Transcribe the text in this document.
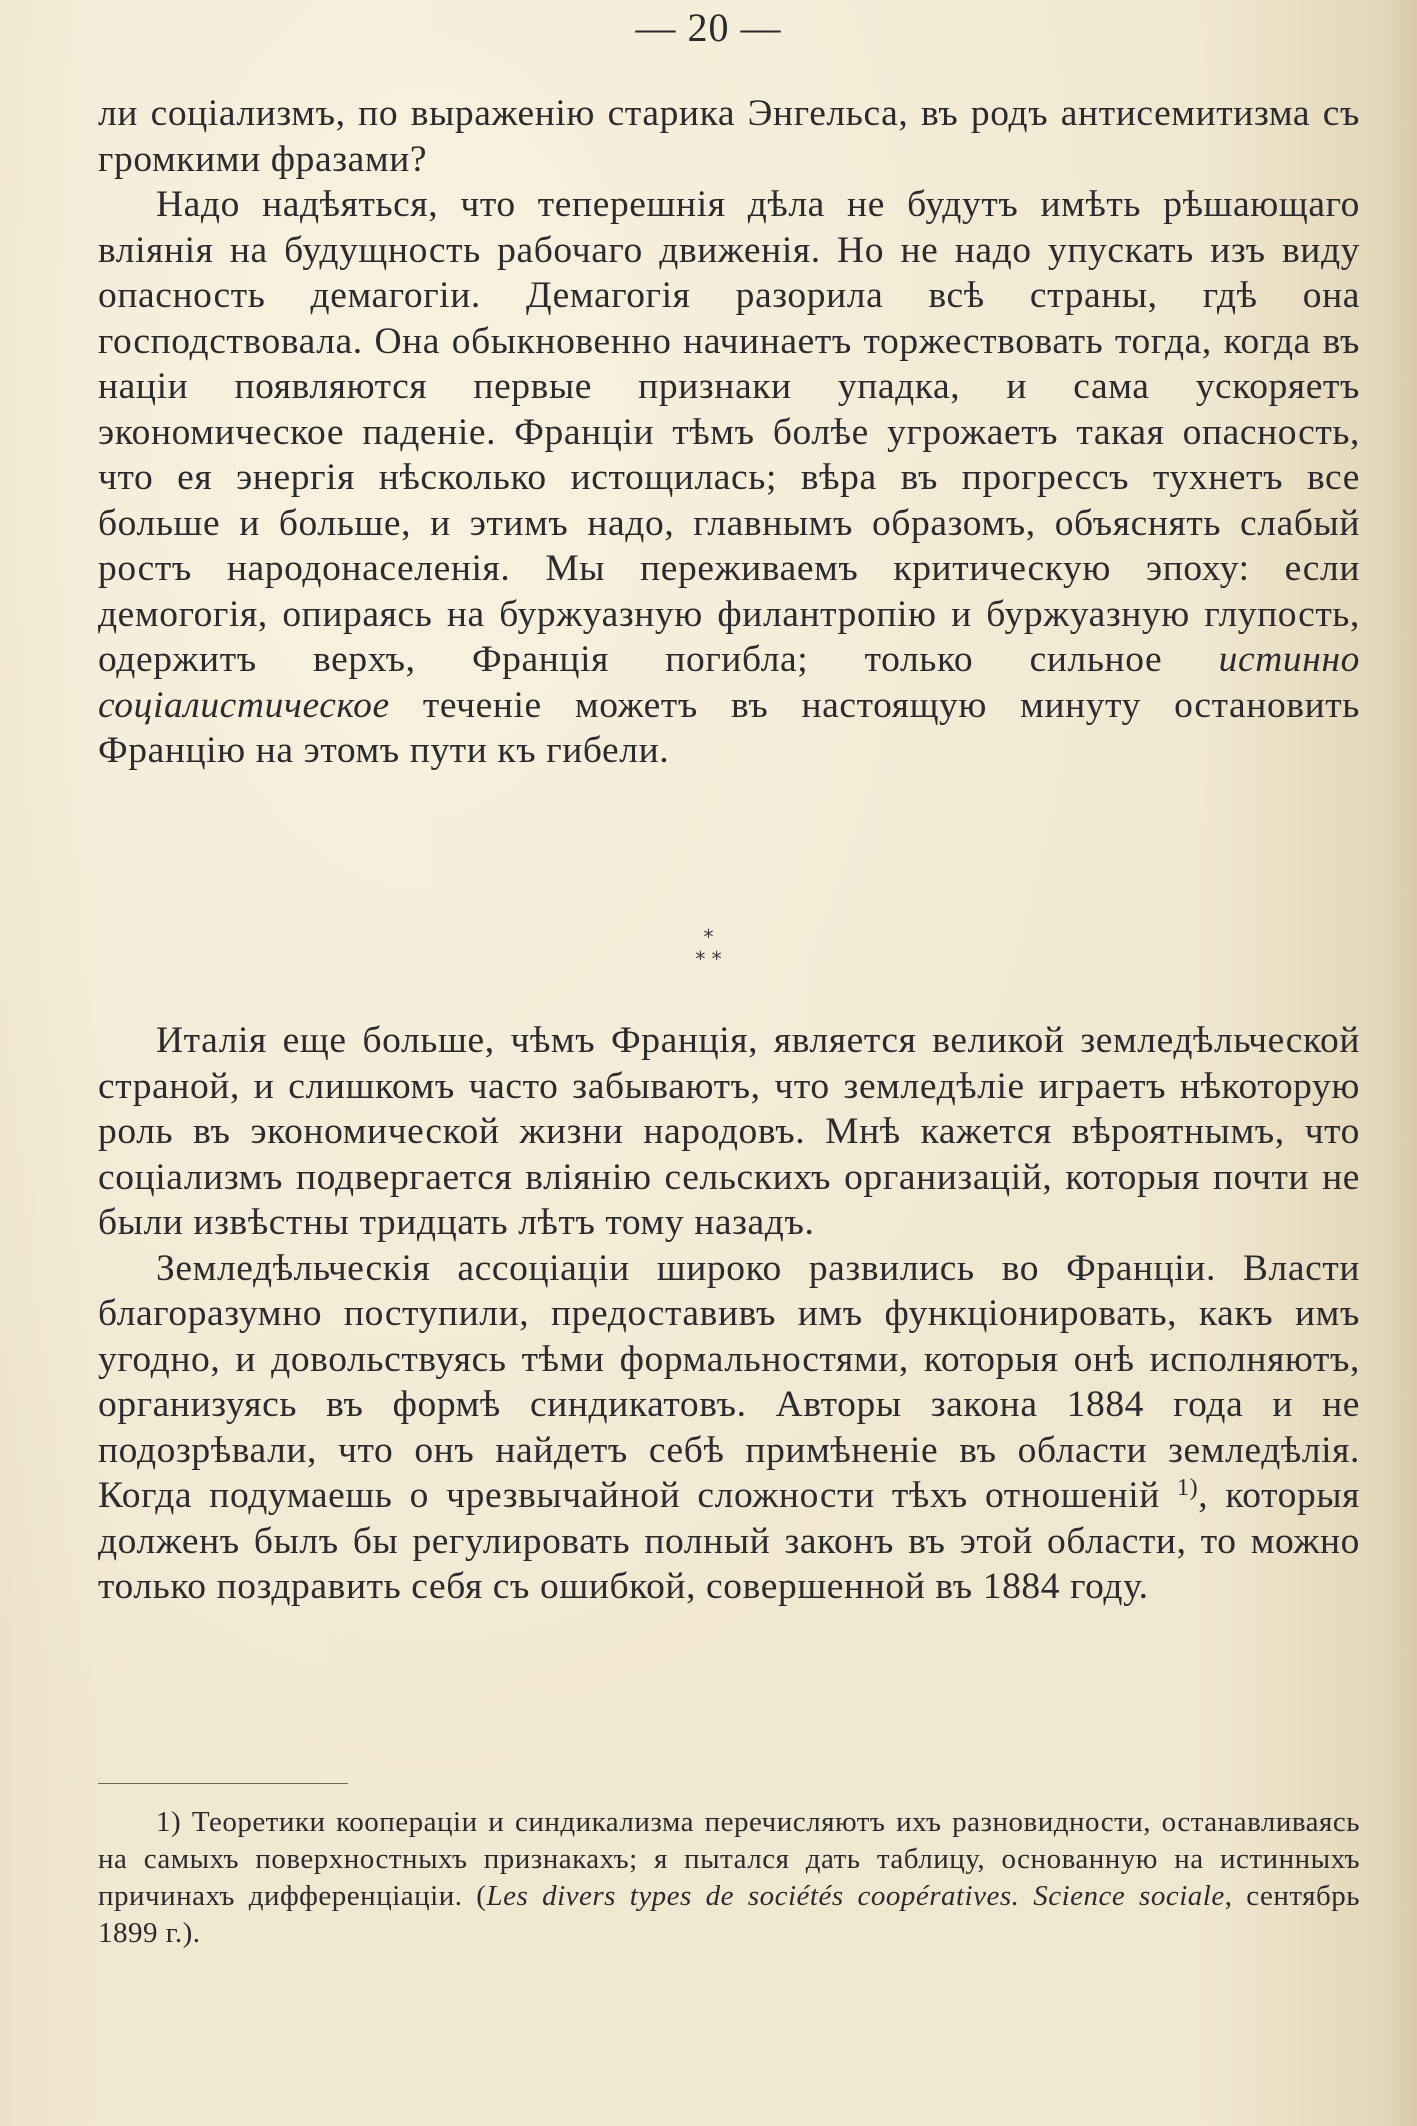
— 20 —

ли соціализмъ, по выраженію старика Энгельса, въ родъ антисемитизма съ громкими фразами?

Надо надѣяться, что теперешнія дѣла не будутъ имѣть рѣшающаго вліянія на будущность рабочаго движенія. Но не надо упускать изъ виду опасность демагогіи. Демагогія разорила всѣ страны, гдѣ она господствовала. Она обыкновенно начинаетъ торжествовать тогда, когда въ націи появляются первые признаки упадка, и сама ускоряетъ экономическое паденіе. Франціи тѣмъ болѣе угрожаетъ такая опасность, что ея энергія нѣсколько истощилась; вѣра въ прогрессъ тухнетъ все больше и больше, и этимъ надо, главнымъ образомъ, объяснять слабый ростъ народонаселенія. Мы переживаемъ критическую эпоху: если демогогія, опираясь на буржуазную филантропію и буржуазную глупость, одержитъ верхъ, Франція погибла; только сильное истинно соціалистическое теченіе можетъ въ настоящую минуту остановить Францію на этомъ пути къ гибели.

*
* *

Италія еще больше, чѣмъ Франція, является великой земледѣльческой страной, и слишкомъ часто забываютъ, что земледѣліе играетъ нѣкоторую роль въ экономической жизни народовъ. Мнѣ кажется вѣроятнымъ, что соціализмъ подвергается вліянію сельскихъ организацій, которыя почти не были извѣстны тридцать лѣтъ тому назадъ.

Земледѣльческія ассоціаціи широко развились во Франціи. Власти благоразумно поступили, предоставивъ имъ функціонировать, какъ имъ угодно, и довольствуясь тѣми формальностями, которыя онѣ исполняютъ, организуясь въ формѣ синдикатовъ. Авторы закона 1884 года и не подозрѣвали, что онъ найдетъ себѣ примѣненіе въ области земледѣлія. Когда подумаешь о чрезвычайной сложности тѣхъ отношеній $^{1)}$, которыя долженъ былъ бы регулировать полный законъ въ этой области, то можно только поздравить себя съ ошибкой, совершенной въ 1884 году.

1) Теоретики коопераціи и синдикализма перечисляютъ ихъ разновидности, останавливаясь на самыхъ поверхностныхъ признакахъ; я пытался дать таблицу, основанную на истинныхъ причинахъ дифференціаціи. (Les divers types de sociétés coopératives. Science sociale, сентябрь 1899 г.).
